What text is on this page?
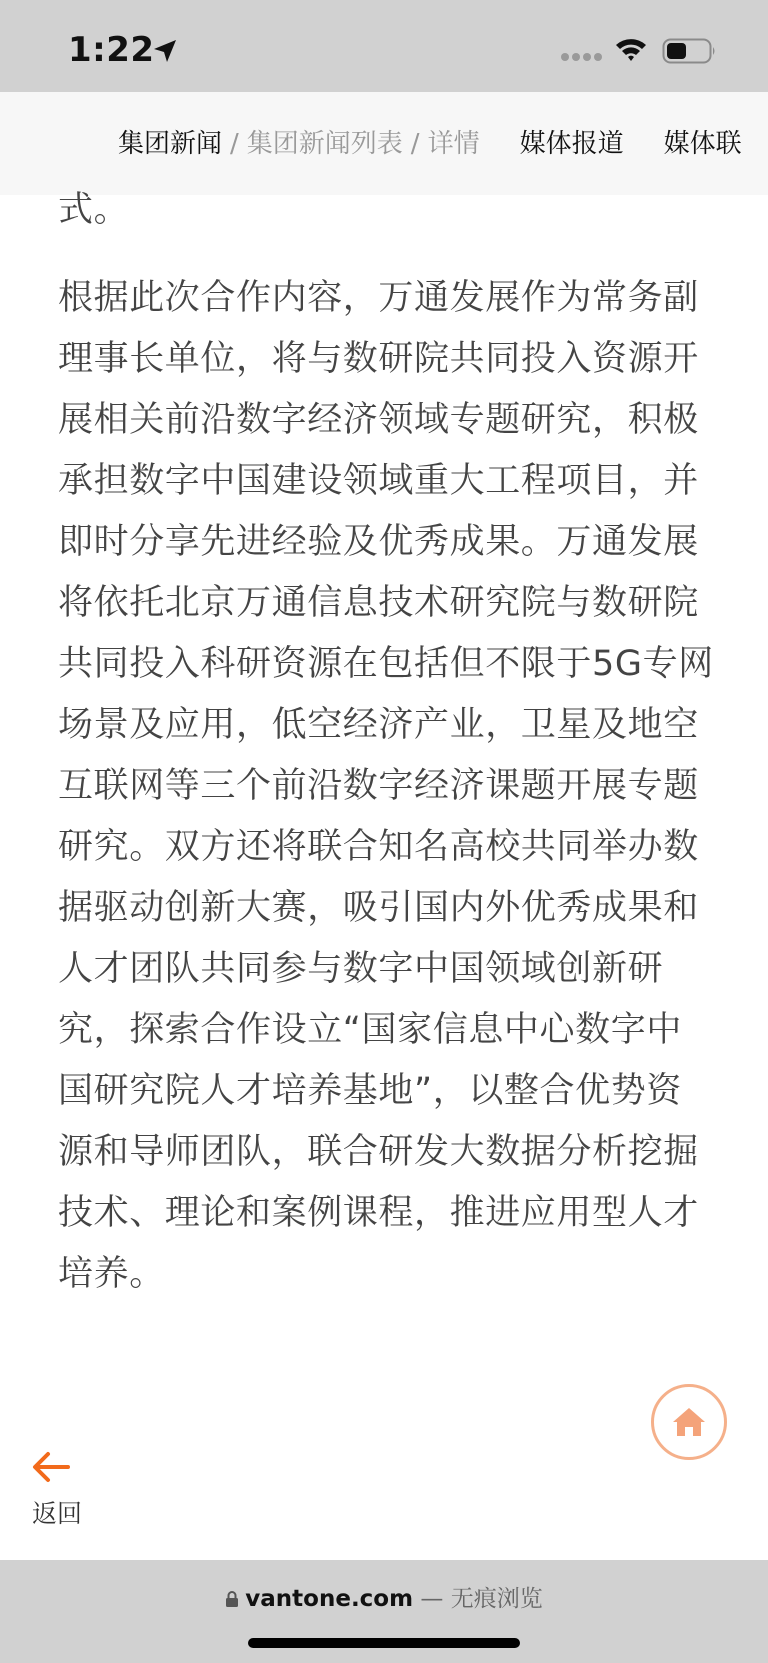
1:22
集团新闻 / 集团新闻列表 / 详情 媒体报道 媒体联
式。
根据此次合作内容，万通发展作为常务副
理事长单位，将与数研院共同投入资源开
展相关前沿数字经济领域专题研究，积极
承担数字中国建设领域重大工程项目，并
即时分享先进经验及优秀成果。万通发展
将依托北京万通信息技术研究院与数研院
共同投入科研资源在包括但不限于5G专网
场景及应用，低空经济产业，卫星及地空
互联网等三个前沿数字经济课题开展专题
研究。双方还将联合知名高校共同举办数
据驱动创新大赛，吸引国内外优秀成果和
人才团队共同参与数字中国领域创新研
究，探索合作设立“国家信息中心数字中
国研究院人才培养基地”，以整合优势资
源和导师团队，联合研发大数据分析挖掘
技术、理论和案例课程，推进应用型人才
培养。
返回
vantone.com — 无痕浏览
